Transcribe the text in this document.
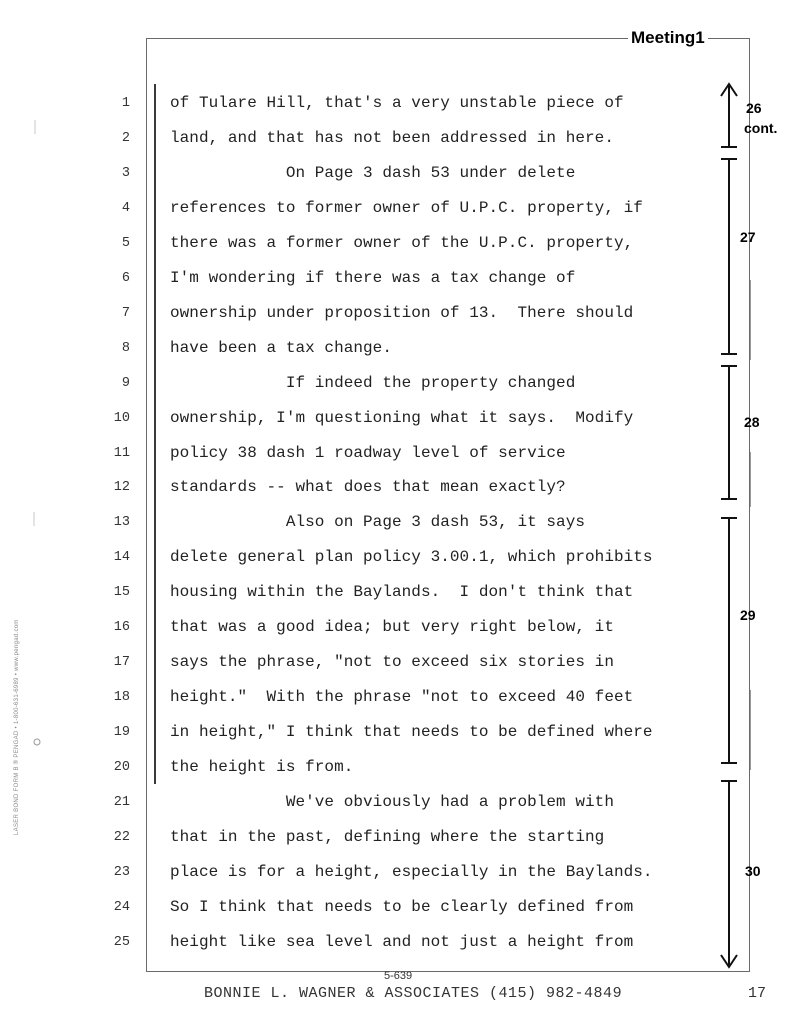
Meeting1
1	of Tulare Hill, that's a very unstable piece of
2	land, and that has not been addressed in here.
3	On Page 3 dash 53 under delete
4	references to former owner of U.P.C. property, if
5	there was a former owner of the U.P.C. property,
6	I'm wondering if there was a tax change of
7	ownership under proposition of 13.  There should
8	have been a tax change.
9	If indeed the property changed
10	ownership, I'm questioning what it says.  Modify
11	policy 38 dash 1 roadway level of service
12	standards -- what does that mean exactly?
13	Also on Page 3 dash 53, it says
14	delete general plan policy 3.00.1, which prohibits
15	housing within the Baylands.  I don't think that
16	that was a good idea; but very right below, it
17	says the phrase, "not to exceed six stories in
18	height."  With the phrase "not to exceed 40 feet
19	in height," I think that needs to be defined where
20	the height is from.
21	We've obviously had a problem with
22	that in the past, defining where the starting
23	place is for a height, especially in the Baylands.
24	So I think that needs to be clearly defined from
25	height like sea level and not just a height from
26
cont.
27
28
29
30
5-639
BONNIE L. WAGNER & ASSOCIATES (415) 982-4849	17
LASER BOND FORM B ® PENGAD • 1-800-631-6989 • www.pengad.com
